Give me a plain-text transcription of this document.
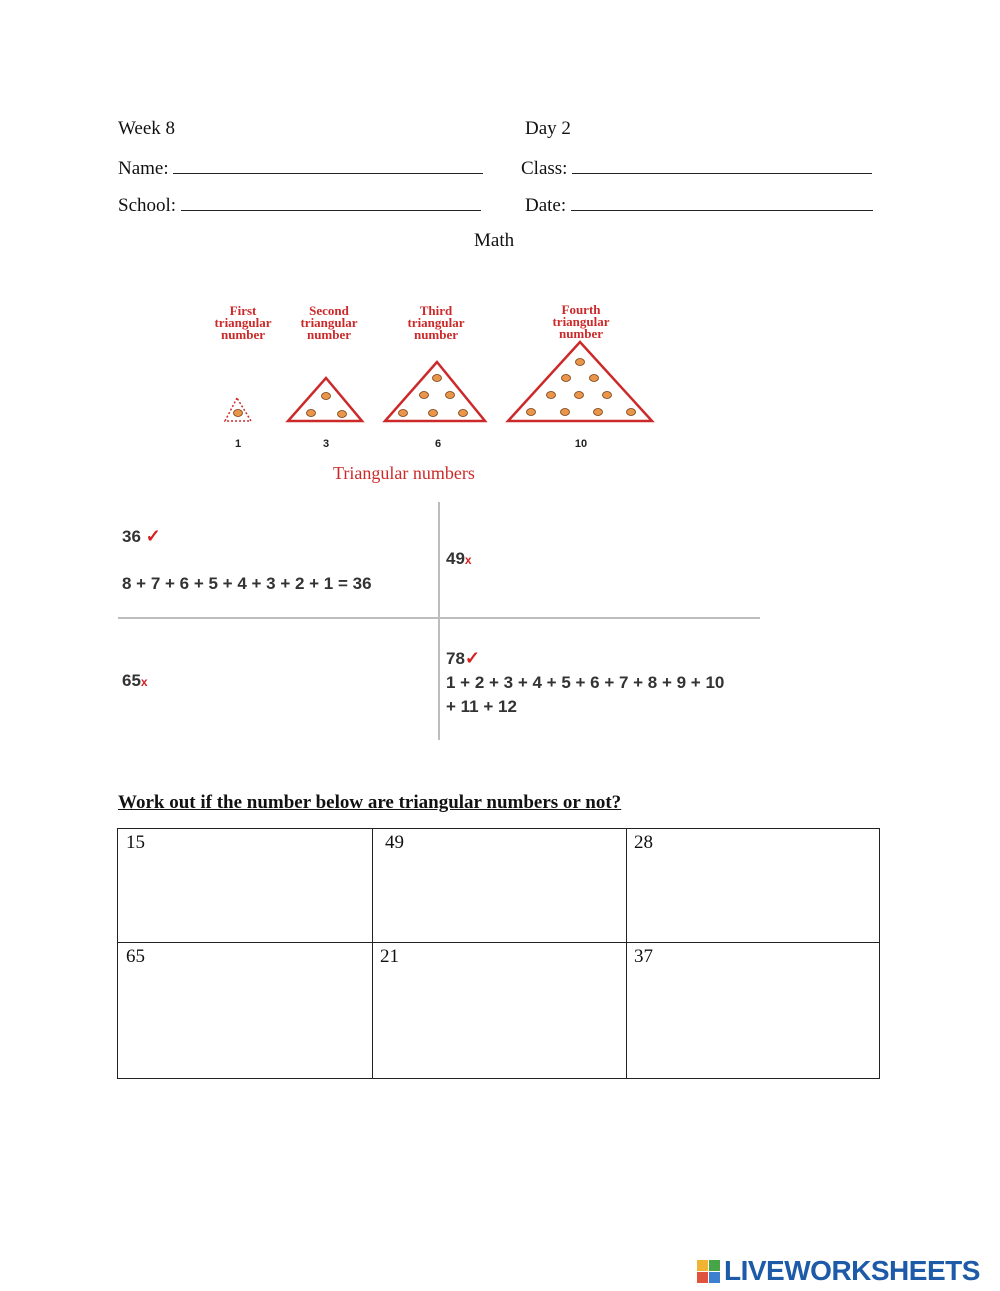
Week 8	Day 2
Name:	Class:
School:	Date:
Math
First triangular number
Second triangular number
Third triangular number
Fourth triangular number
1	3	6	10
Triangular numbers
36 ✓
8 + 7 + 6 + 5 + 4 + 3 + 2 + 1 = 36
49x
65x
78✓
1 + 2 + 3 + 4 + 5 + 6 + 7 + 8 + 9 + 10
+ 11 + 12
Work out if the number below are triangular numbers or not?
15	49	28
65	21	37
LIVEWORKSHEETS
